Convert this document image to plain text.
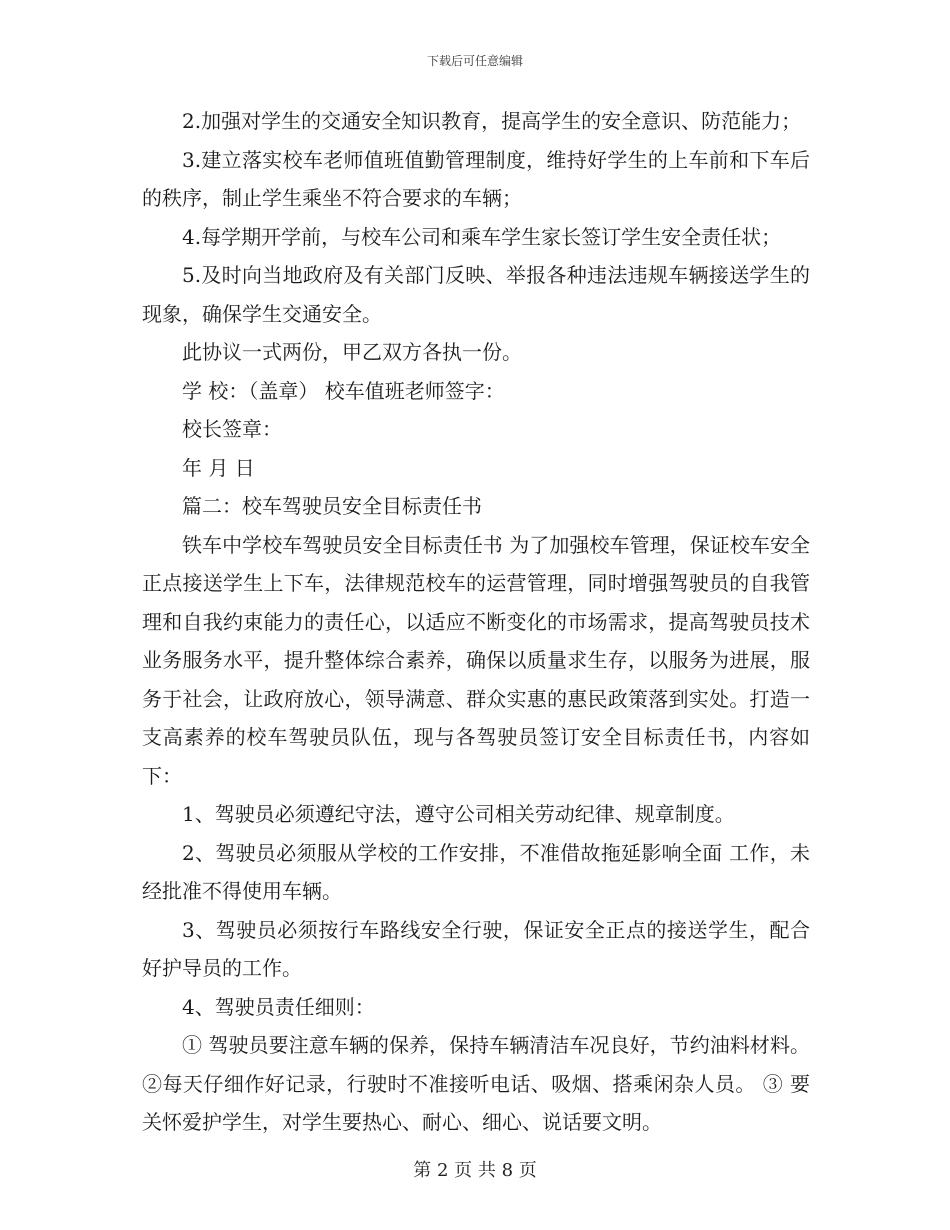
下载后可任意编辑

2.加强对学生的交通安全知识教育，提高学生的安全意识、防范能力；

3.建立落实校车老师值班值勤管理制度，维持好学生的上车前和下车后的秩序，制止学生乘坐不符合要求的车辆；

4.每学期开学前，与校车公司和乘车学生家长签订学生安全责任状；

5.及时向当地政府及有关部门反映、举报各种违法违规车辆接送学生的现象，确保学生交通安全。

此协议一式两份，甲乙双方各执一份。

学 校：（盖章） 校车值班老师签字：

校长签章：

年 月 日

篇二：校车驾驶员安全目标责任书

铁车中学校车驾驶员安全目标责任书 为了加强校车管理，保证校车安全正点接送学生上下车，法律规范校车的运营管理，同时增强驾驶员的自我管理和自我约束能力的责任心，以适应不断变化的市场需求，提高驾驶员技术业务服务水平，提升整体综合素养，确保以质量求生存，以服务为进展，服务于社会，让政府放心，领导满意、群众实惠的惠民政策落到实处。打造一支高素养的校车驾驶员队伍，现与各驾驶员签订安全目标责任书，内容如下：

1、驾驶员必须遵纪守法，遵守公司相关劳动纪律、规章制度。

2、驾驶员必须服从学校的工作安排，不准借故拖延影响全面 工作，未经批准不得使用车辆。

3、驾驶员必须按行车路线安全行驶，保证安全正点的接送学生，配合好护导员的工作。

4、驾驶员责任细则：

① 驾驶员要注意车辆的保养，保持车辆清洁车况良好，节约油料材料。 ②每天仔细作好记录，行驶时不准接听电话、吸烟、搭乘闲杂人员。 ③ 要关怀爱护学生，对学生要热心、耐心、细心、说话要文明。

第 2 页 共 8 页
